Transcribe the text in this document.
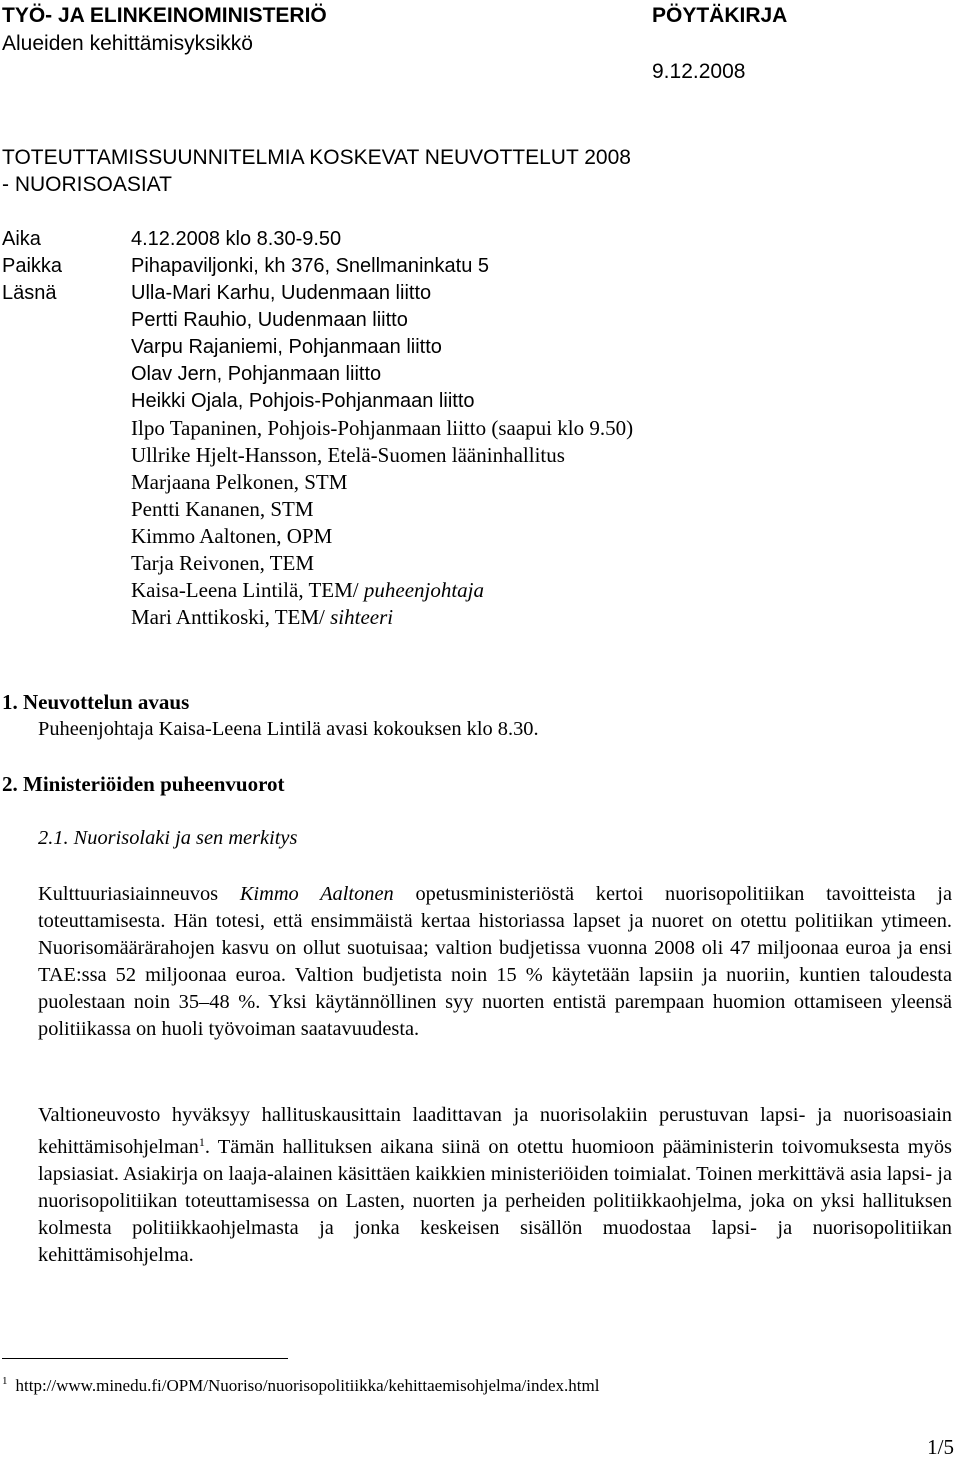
TYÖ- JA ELINKEINOMINISTERIÖ
Alueiden kehittämisyksikkö
PÖYTÄKIRJA
9.12.2008
TOTEUTTAMISSUUNNITELMIA KOSKEVAT NEUVOTTELUT 2008
- NUORISOASIAT
Aika	4.12.2008 klo 8.30-9.50
Paikka	Pihapaviljonki, kh 376, Snellmaninkatu 5
Läsnä	Ulla-Mari Karhu, Uudenmaan liitto
Pertti Rauhio, Uudenmaan liitto
Varpu Rajaniemi, Pohjanmaan liitto
Olav Jern, Pohjanmaan liitto
Heikki Ojala, Pohjois-Pohjanmaan liitto
Ilpo Tapaninen, Pohjois-Pohjanmaan liitto (saapui klo 9.50)
Ullrike Hjelt-Hansson, Etelä-Suomen lääninhallitus
Marjaana Pelkonen, STM
Pentti Kananen, STM
Kimmo Aaltonen, OPM
Tarja Reivonen, TEM
Kaisa-Leena Lintilä, TEM/ puheenjohtaja
Mari Anttikoski, TEM/ sihteeri
1. Neuvottelun avaus
Puheenjohtaja Kaisa-Leena Lintilä avasi kokouksen klo 8.30.
2. Ministeriöiden puheenvuorot
2.1. Nuorisolaki ja sen merkitys
Kulttuuriasiainneuvos Kimmo Aaltonen opetusministeriöstä kertoi nuorisopolitiikan tavoitteista ja toteuttamisesta. Hän totesi, että ensimmäistä kertaa historiassa lapset ja nuoret on otettu politiikan ytimeen. Nuorisomäärärahojen kasvu on ollut suotuisaa; valtion budjetissa vuonna 2008 oli 47 miljoonaa euroa ja ensi TAE:ssa 52 miljoonaa euroa. Valtion budjetista noin 15 % käytetään lapsiin ja nuoriin, kuntien taloudesta puolestaan noin 35–48 %. Yksi käytännöllinen syy nuorten entistä parempaan huomion ottamiseen yleensä politiikassa on huoli työvoiman saatavuudesta.
Valtioneuvosto hyväksyy hallituskausittain laadittavan ja nuorisolakiin perustuvan lapsi- ja nuorisoasiain kehittämisohjelman$^1$. Tämän hallituksen aikana siinä on otettu huomioon pääministerin toivomuksesta myös lapsiasiat. Asiakirja on laaja-alainen käsittäen kaikkien ministeriöiden toimialat. Toinen merkittävä asia lapsi- ja nuorisopolitiikan toteuttamisessa on Lasten, nuorten ja perheiden politiikkaohjelma, joka on yksi hallituksen kolmesta politiikkaohjelmasta ja jonka keskeisen sisällön muodostaa lapsi- ja nuorisopolitiikan kehittämisohjelma.
$^1$ http://www.minedu.fi/OPM/Nuoriso/nuorisopolitiikka/kehittaemisohjelma/index.html
1/5
